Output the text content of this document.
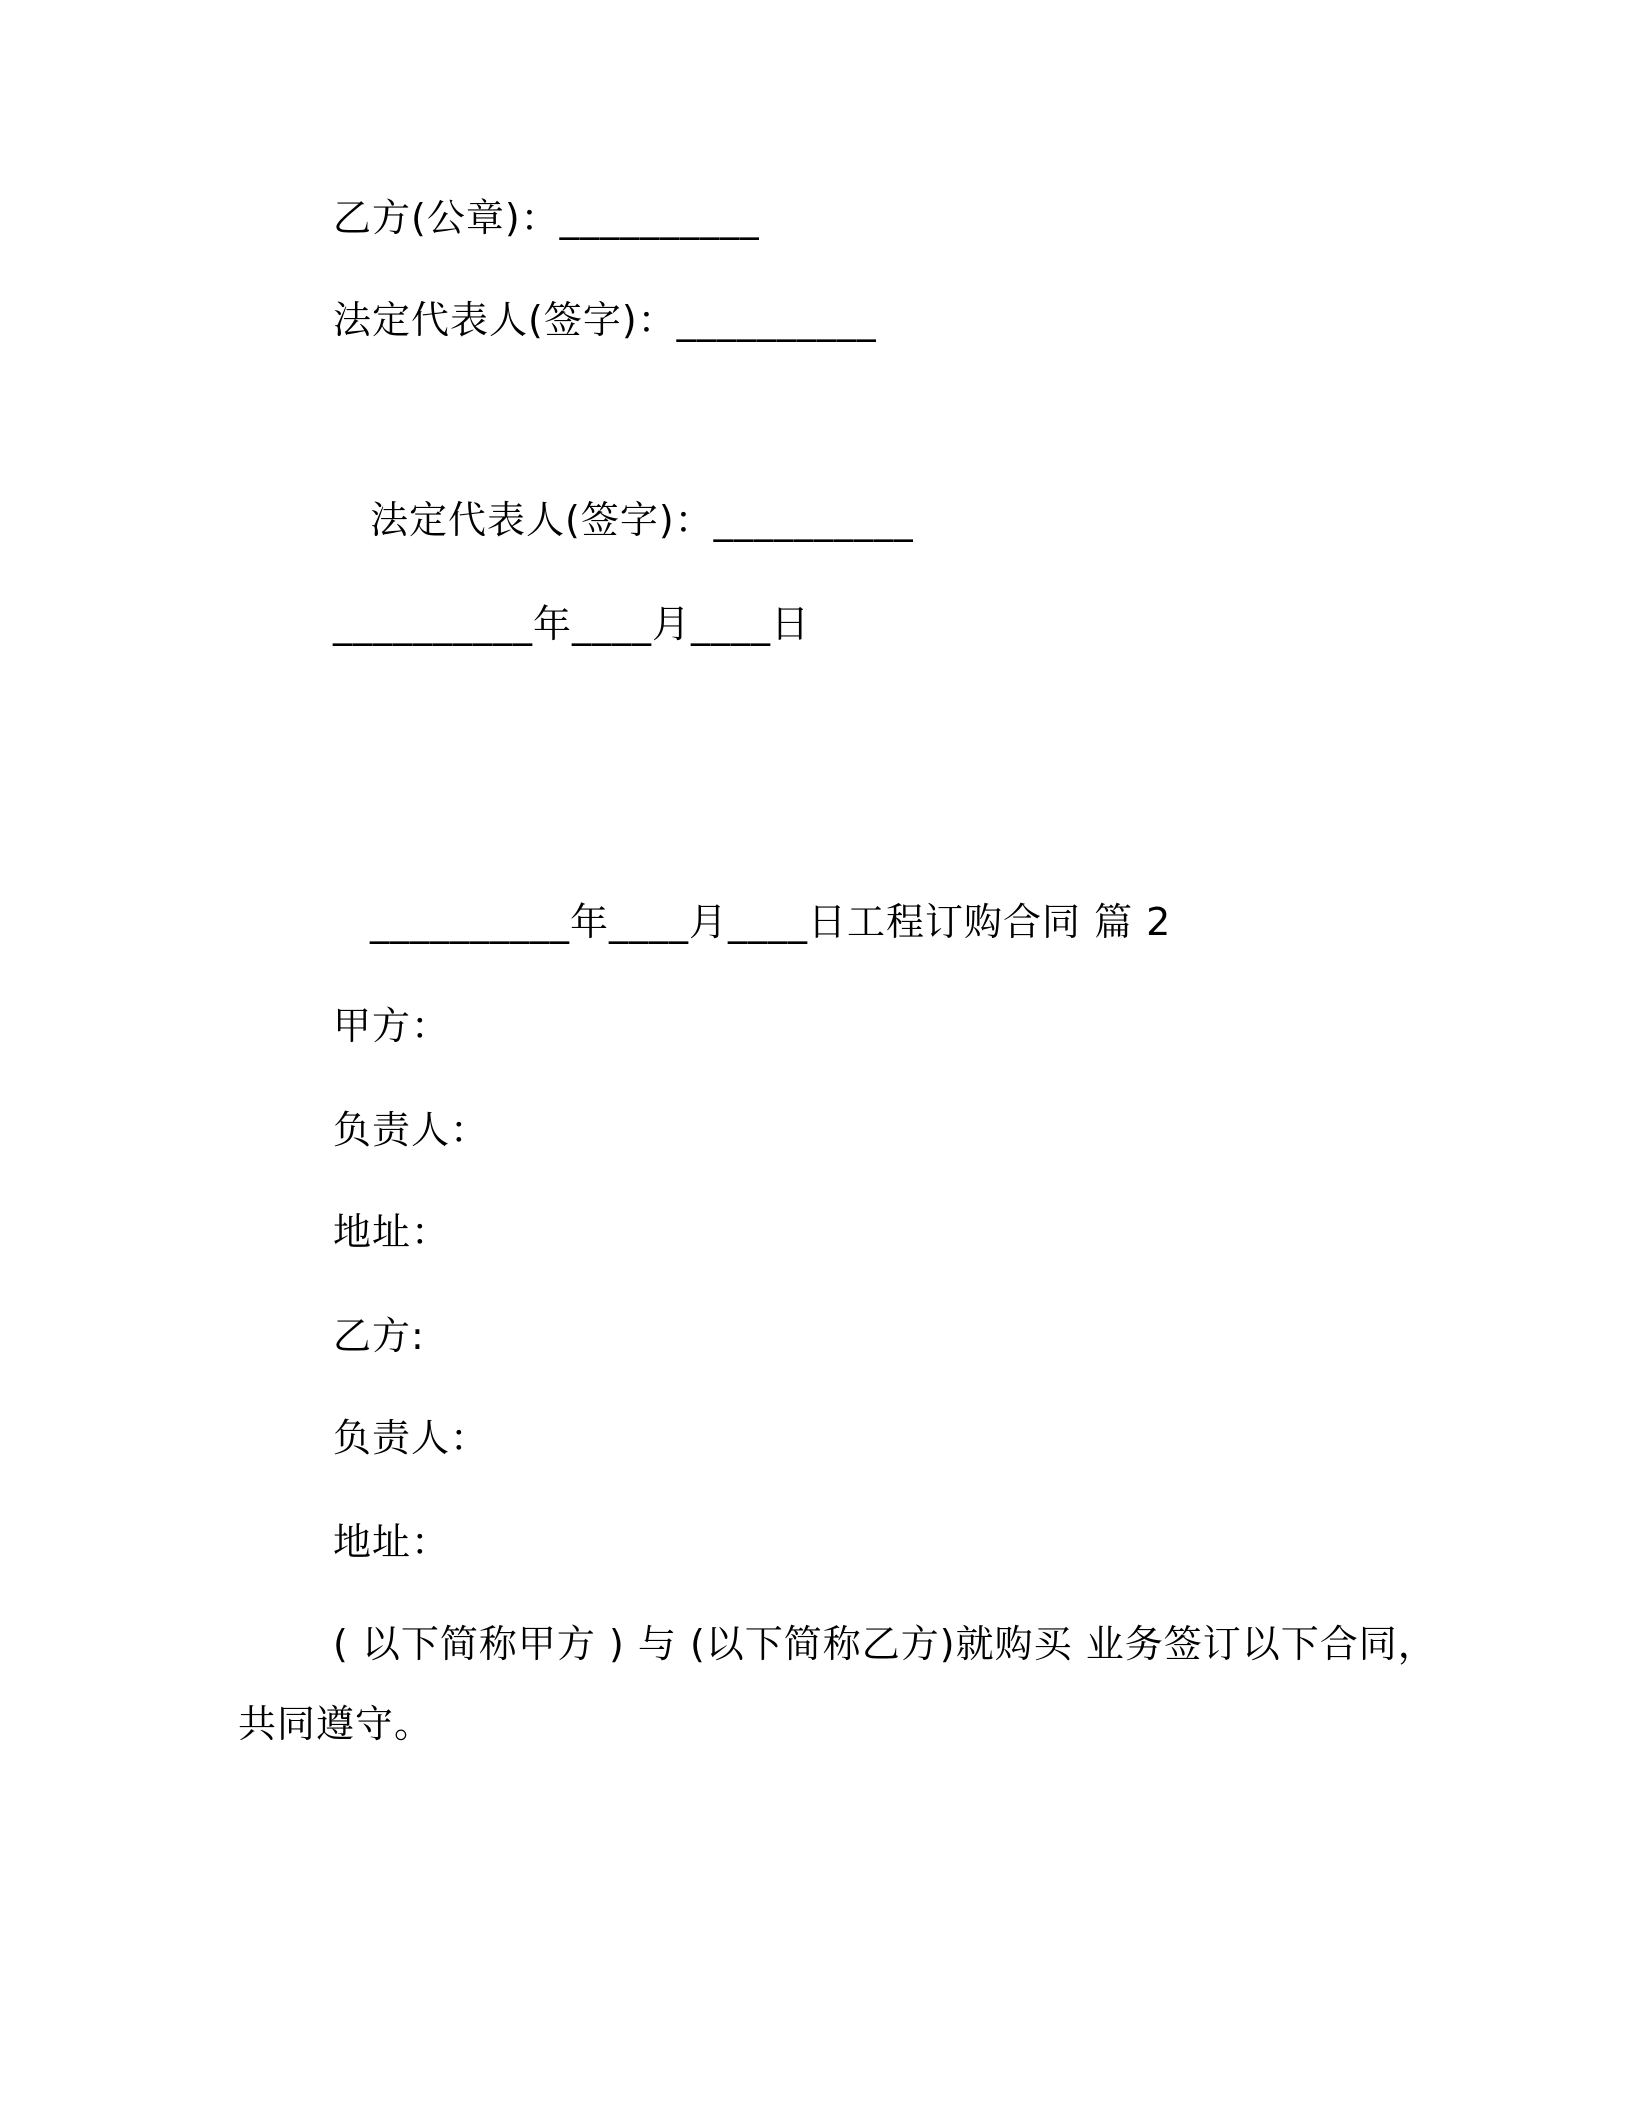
乙方(公章)：__________
法定代表人(签字)：__________
法定代表人(签字)：__________
__________年____月____日
__________年____月____日工程订购合同 篇 2
甲方：
负责人：
地址：
乙方:
负责人：
地址：
( 以下简称甲方 ) 与 (以下简称乙方)就购买 业务签订以下合同，
共同遵守。
